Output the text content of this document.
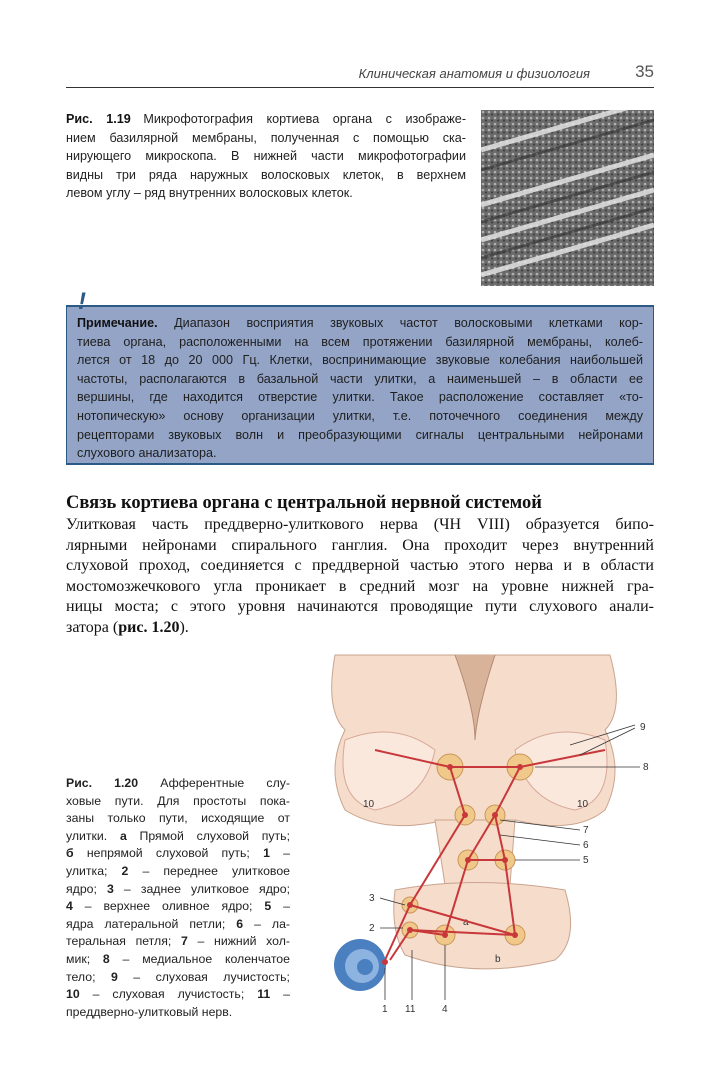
Клиническая анатомия и физиология	35
Рис. 1.19 Микрофотография кортиева органа с изображе-
нием базилярной мембраны, полученная с помощью ска-
нирующего микроскопа. В нижней части микрофотографии
видны три ряда наружных волосковых клеток, в верхнем
левом углу – ряд внутренних волосковых клеток.
Примечание. Диапазон восприятия звуковых частот волосковыми клетками кор-
тиева органа, расположенными на всем протяжении базилярной мембраны, колеб-
лется от 18 до 20 000 Гц. Клетки, воспринимающие звуковые колебания наибольшей
частоты, располагаются в базальной части улитки, а наименьшей – в области ее
вершины, где находится отверстие улитки. Такое расположение составляет «то-
нотопическую» основу организации улитки, т.е. поточечного соединения между
рецепторами звуковых волн и преобразующими сигналы центральными нейронами
слухового анализатора.
!
Связь кортиева органа с центральной нервной системой
Улитковая часть преддверно-улиткового нерва (ЧН VIII) образуется бипо-
лярными нейронами спирального ганглия. Она проходит через внутренний
слуховой проход, соединяется с преддверной частью этого нерва и в области
мостомозжечкового угла проникает в средний мозг на уровне нижней гра-
ницы моста; с этого уровня начинаются проводящие пути слухового анали-
затора (рис. 1.20).
Рис. 1.20 Афферентные слу-
ховые пути. Для простоты пока-
заны только пути, исходящие от
улитки. а Прямой слуховой путь;
б непрямой слуховой путь; 1 –
улитка; 2 – переднее улитковое
ядро; 3 – заднее улитковое ядро;
4 – верхнее оливное ядро; 5 –
ядра латеральной петли; 6 – ла-
теральная петля; 7 – нижний хол-
мик; 8 – медиальное коленчатое
тело; 9 – слуховая лучистость;
10 – слуховая лучистость; 11 –
преддверно-улитковый нерв.
10	10
a
b
1
2
3
4
5
6
7
8
9
11
